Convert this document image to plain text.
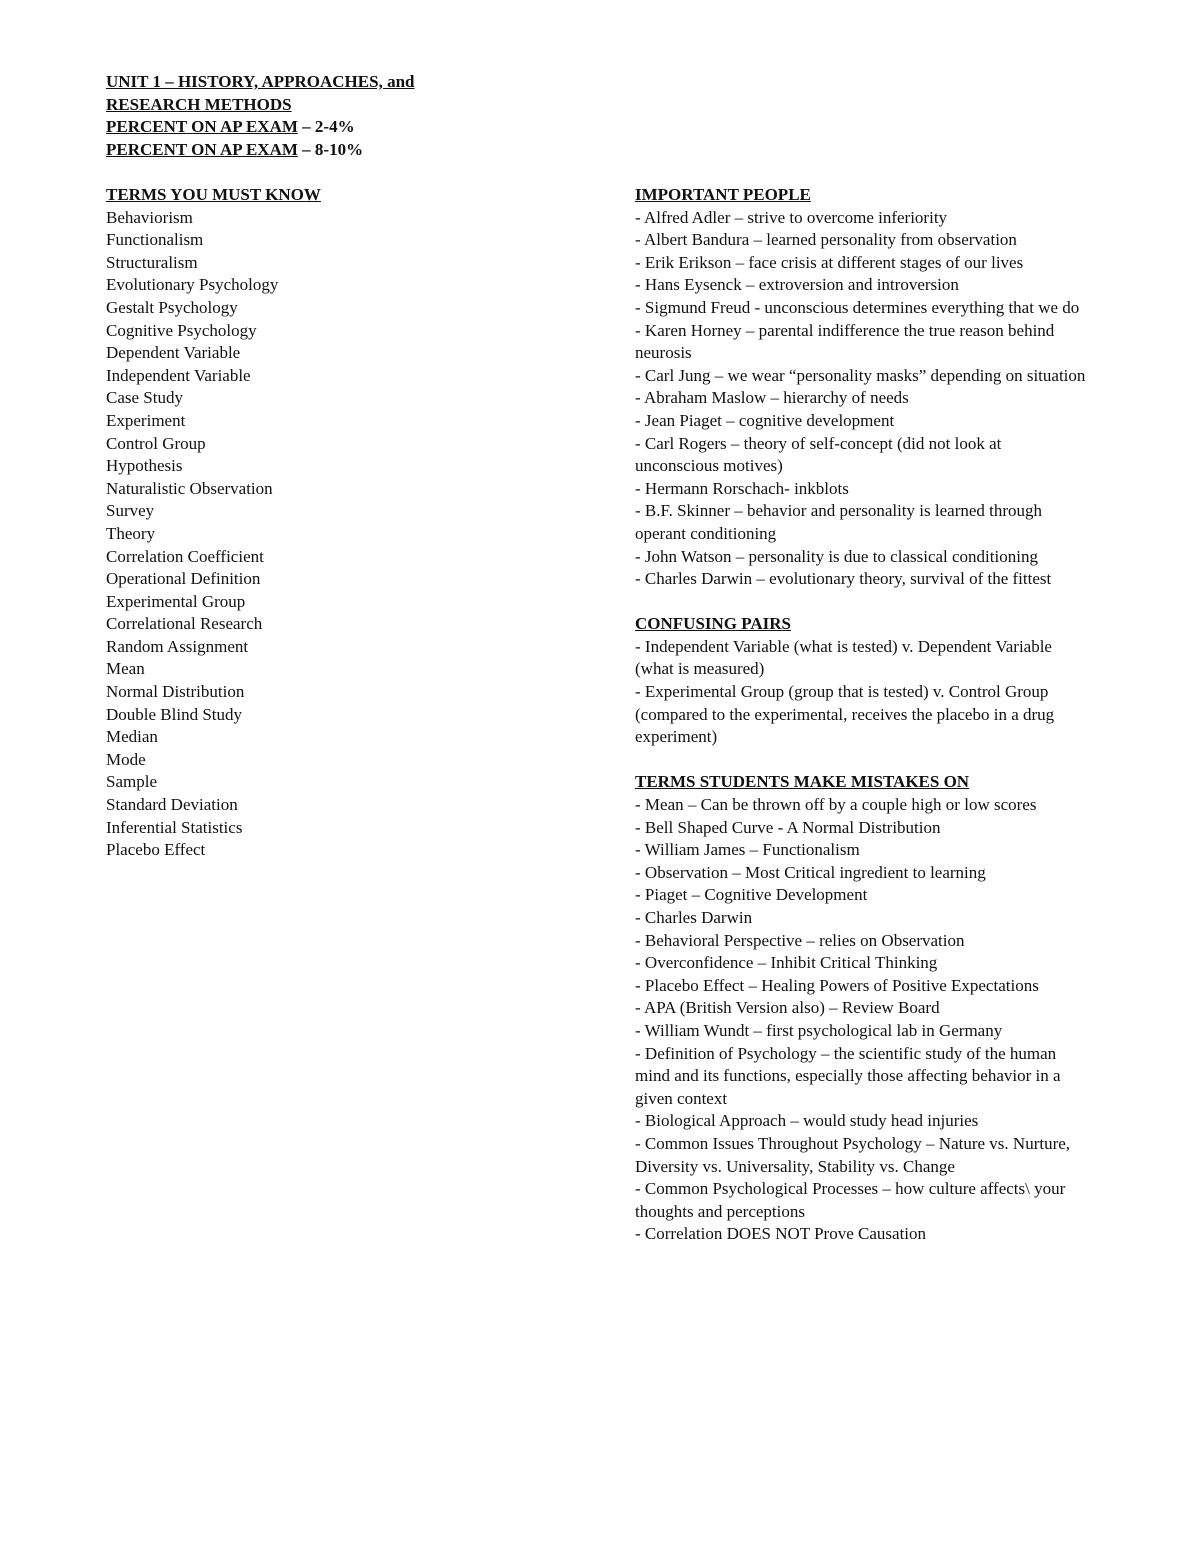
UNIT 1 – HISTORY, APPROACHES, and
RESEARCH METHODS
PERCENT ON AP EXAM – 2-4%
PERCENT ON AP EXAM – 8-10%
TERMS YOU MUST KNOW
Behaviorism
Functionalism
Structuralism
Evolutionary Psychology
Gestalt Psychology
Cognitive Psychology
Dependent Variable
Independent Variable
Case Study
Experiment
Control Group
Hypothesis
Naturalistic Observation
Survey
Theory
Correlation Coefficient
Operational Definition
Experimental Group
Correlational Research
Random Assignment
Mean
Normal Distribution
Double Blind Study
Median
Mode
Sample
Standard Deviation
Inferential Statistics
Placebo Effect
IMPORTANT PEOPLE
- Alfred Adler – strive to overcome inferiority
- Albert Bandura – learned personality from observation
- Erik Erikson – face crisis at different stages of our lives
- Hans Eysenck – extroversion and introversion
- Sigmund Freud - unconscious determines everything that we do
- Karen Horney – parental indifference the true reason behind neurosis
- Carl Jung – we wear “personality masks” depending on situation
- Abraham Maslow – hierarchy of needs
- Jean Piaget – cognitive development
- Carl Rogers – theory of self-concept (did not look at unconscious motives)
- Hermann Rorschach- inkblots
- B.F. Skinner – behavior and personality is learned through operant conditioning
- John Watson – personality is due to classical conditioning
- Charles Darwin – evolutionary theory, survival of the fittest
CONFUSING PAIRS
- Independent Variable (what is tested) v. Dependent Variable (what is measured)
- Experimental Group (group that is tested) v. Control Group (compared to the experimental, receives the placebo in a drug experiment)
TERMS STUDENTS MAKE MISTAKES ON
- Mean – Can be thrown off by a couple high or low scores
- Bell Shaped Curve - A Normal Distribution
- William James – Functionalism
- Observation – Most Critical ingredient to learning
- Piaget – Cognitive Development
- Charles Darwin
- Behavioral Perspective – relies on Observation
- Overconfidence – Inhibit Critical Thinking
- Placebo Effect – Healing Powers of Positive Expectations
- APA (British Version also) – Review Board
- William Wundt – first psychological lab in Germany
- Definition of Psychology – the scientific study of the human mind and its functions, especially those affecting behavior in a given context
- Biological Approach – would study head injuries
- Common Issues Throughout Psychology – Nature vs. Nurture, Diversity vs. Universality, Stability vs. Change
- Common Psychological Processes – how culture affects\ your thoughts and perceptions
- Correlation DOES NOT Prove Causation
